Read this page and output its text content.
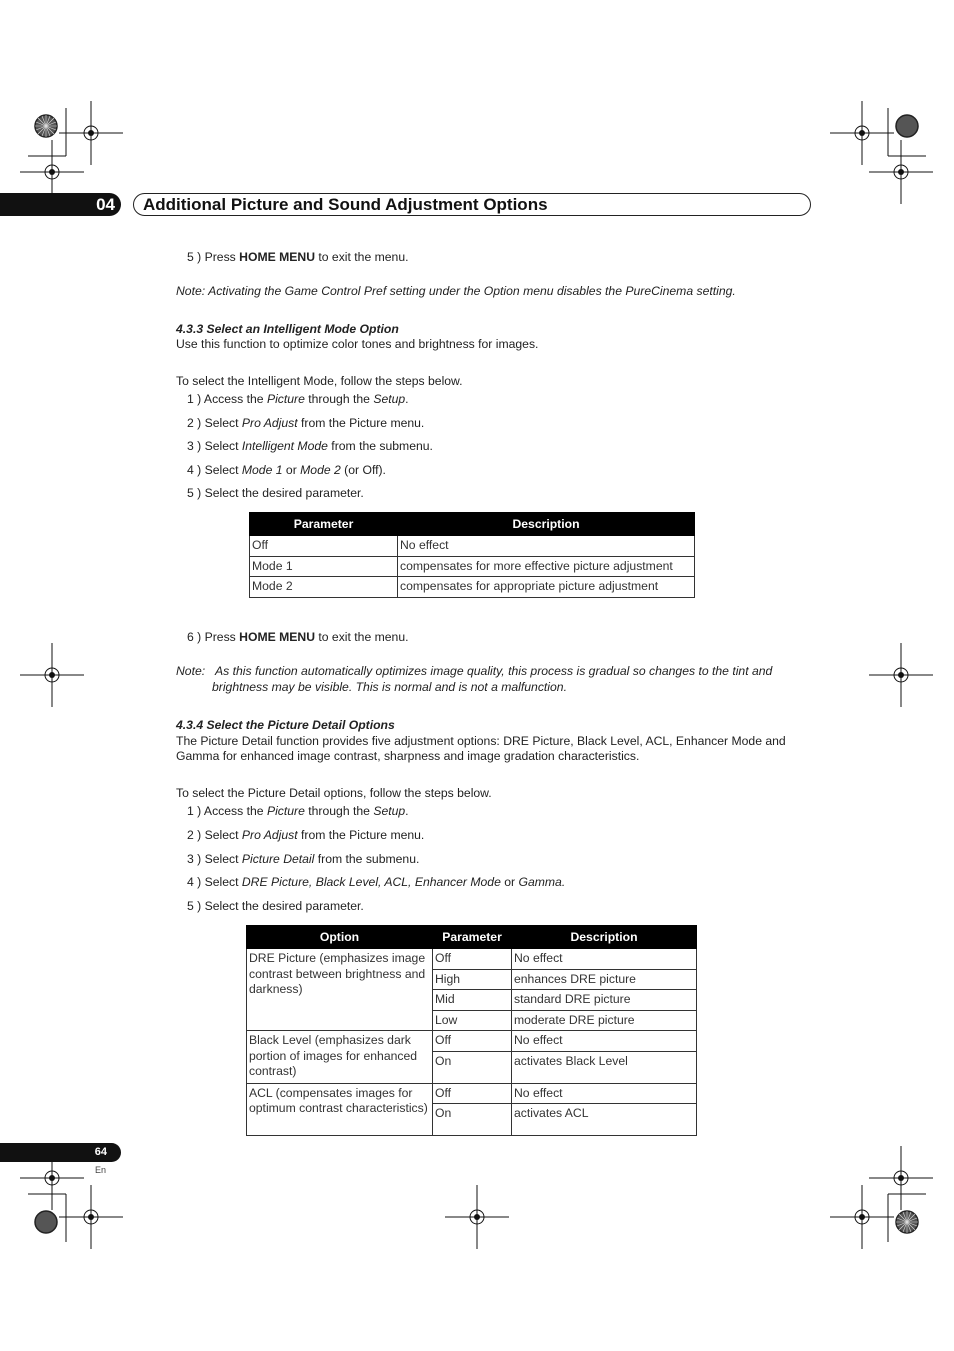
04 Additional Picture and Sound Adjustment Options
5 ) Press HOME MENU to exit the menu.
Note: Activating the Game Control Pref setting under the Option menu disables the PureCinema setting.
4.3.3 Select an Intelligent Mode Option
Use this function to optimize color tones and brightness for images.
To select the Intelligent Mode, follow the steps below.
1 ) Access the Picture through the Setup.
2 ) Select Pro Adjust from the Picture menu.
3 ) Select Intelligent Mode from the submenu.
4 ) Select Mode 1 or Mode 2 (or Off).
5 ) Select the desired parameter.
Parameter	Description
Off	No effect
Mode 1	compensates for more effective picture adjustment
Mode 2	compensates for appropriate picture adjustment
6 ) Press HOME MENU to exit the menu.
Note: As this function automatically optimizes image quality, this process is gradual so changes to the tint and
brightness may be visible. This is normal and is not a malfunction.
4.3.4 Select the Picture Detail Options
The Picture Detail function provides five adjustment options: DRE Picture, Black Level, ACL, Enhancer Mode and
Gamma for enhanced image contrast, sharpness and image gradation characteristics.
To select the Picture Detail options, follow the steps below.
1 ) Access the Picture through the Setup.
2 ) Select Pro Adjust from the Picture menu.
3 ) Select Picture Detail from the submenu.
4 ) Select DRE Picture, Black Level, ACL, Enhancer Mode or Gamma.
5 ) Select the desired parameter.
Option	Parameter	Description
DRE Picture (emphasizes image contrast between brightness and darkness)	Off	No effect
	High	enhances DRE picture
	Mid	standard DRE picture
	Low	moderate DRE picture
Black Level (emphasizes dark portion of images for enhanced contrast)	Off	No effect
	On	activates Black Level
ACL (compensates images for optimum contrast characteristics)	Off	No effect
	On	activates ACL
64
En
